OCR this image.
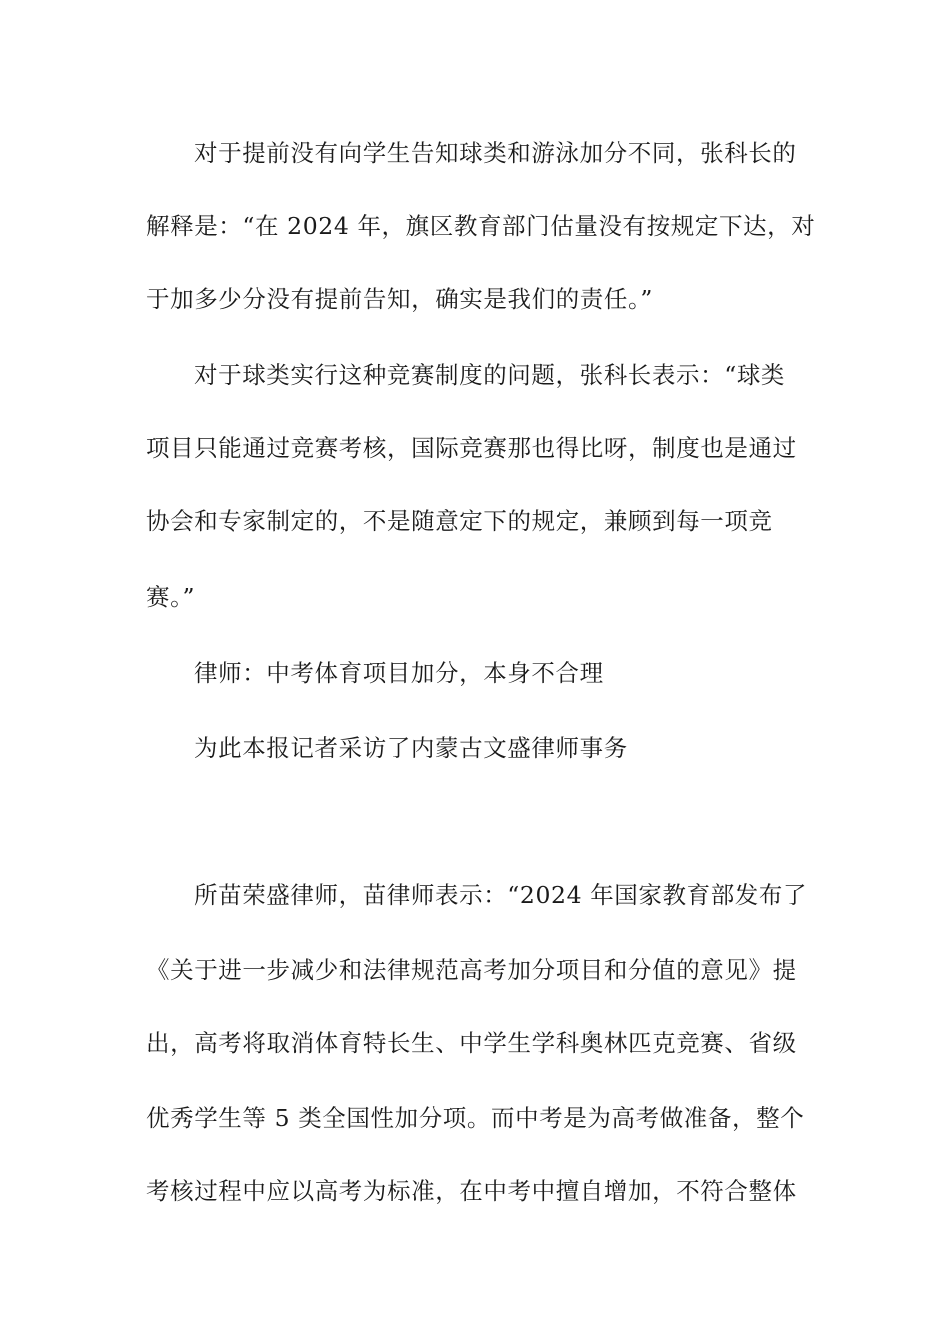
对于提前没有向学生告知球类和游泳加分不同，张科长的
解释是：“在 2024 年，旗区教育部门估量没有按规定下达，对
于加多少分没有提前告知，确实是我们的责任。”
对于球类实行这种竞赛制度的问题，张科长表示：“球类
项目只能通过竞赛考核，国际竞赛那也得比呀，制度也是通过
协会和专家制定的，不是随意定下的规定，兼顾到每一项竞
赛。”
律师：中考体育项目加分，本身不合理
为此本报记者采访了内蒙古文盛律师事务
所苗荣盛律师，苗律师表示：“2024 年国家教育部发布了
《关于进一步减少和法律规范高考加分项目和分值的意见》提
出，高考将取消体育特长生、中学生学科奥林匹克竞赛、省级
优秀学生等 5 类全国性加分项。而中考是为高考做准备，整个
考核过程中应以高考为标准，在中考中擅自增加，不符合整体
